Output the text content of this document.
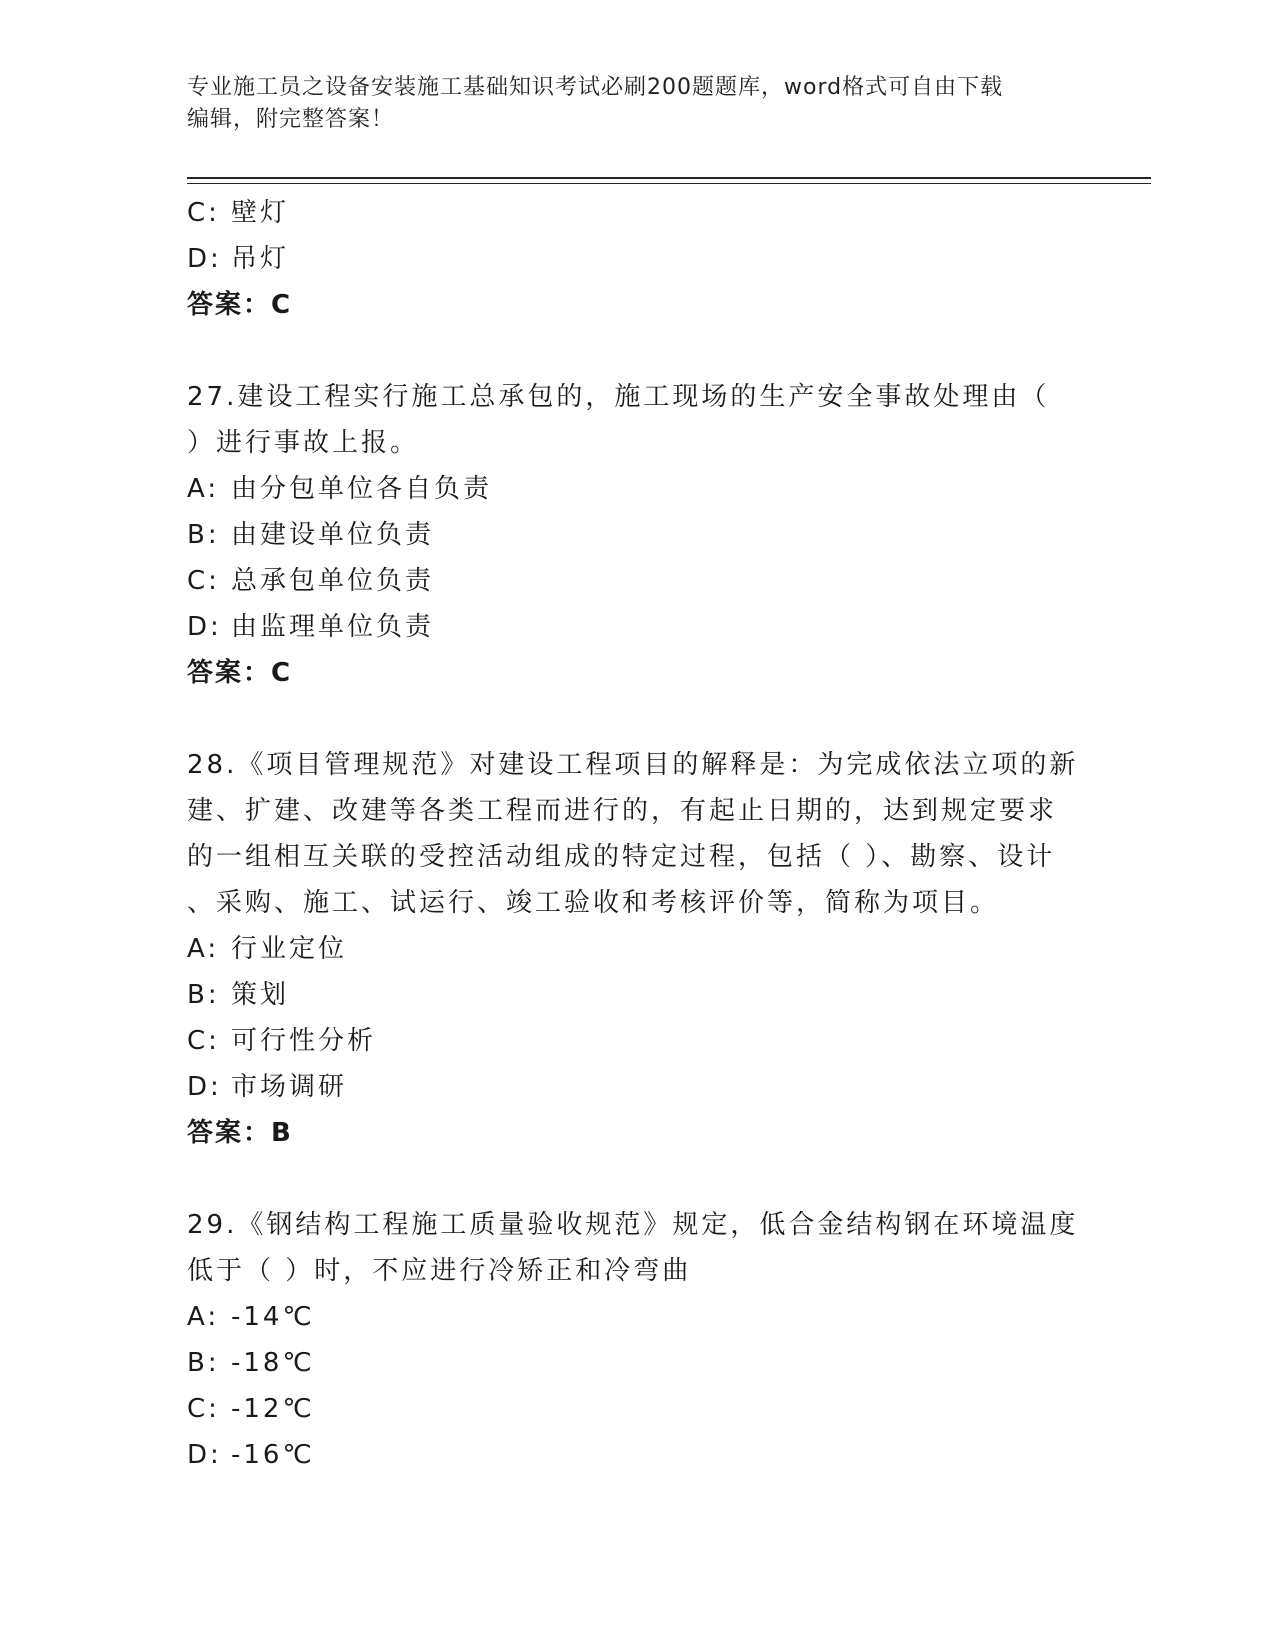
专业施工员之设备安装施工基础知识考试必刷200题题库，word格式可自由下载
编辑，附完整答案！
C: 壁灯
D: 吊灯
答案：C
27.建设工程实行施工总承包的，施工现场的生产安全事故处理由（
）进行事故上报。
A: 由分包单位各自负责
B: 由建设单位负责
C: 总承包单位负责
D: 由监理单位负责
答案：C
28.《项目管理规范》对建设工程项目的解释是：为完成依法立项的新
建、扩建、改建等各类工程而进行的，有起止日期的，达到规定要求
的一组相互关联的受控活动组成的特定过程，包括（ ）、勘察、设计
、采购、施工、试运行、竣工验收和考核评价等，简称为项目。
A: 行业定位
B: 策划
C: 可行性分析
D: 市场调研
答案：B
29.《钢结构工程施工质量验收规范》规定，低合金结构钢在环境温度
低于（ ）时，不应进行冷矫正和冷弯曲
A: -14℃
B: -18℃
C: -12℃
D: -16℃
